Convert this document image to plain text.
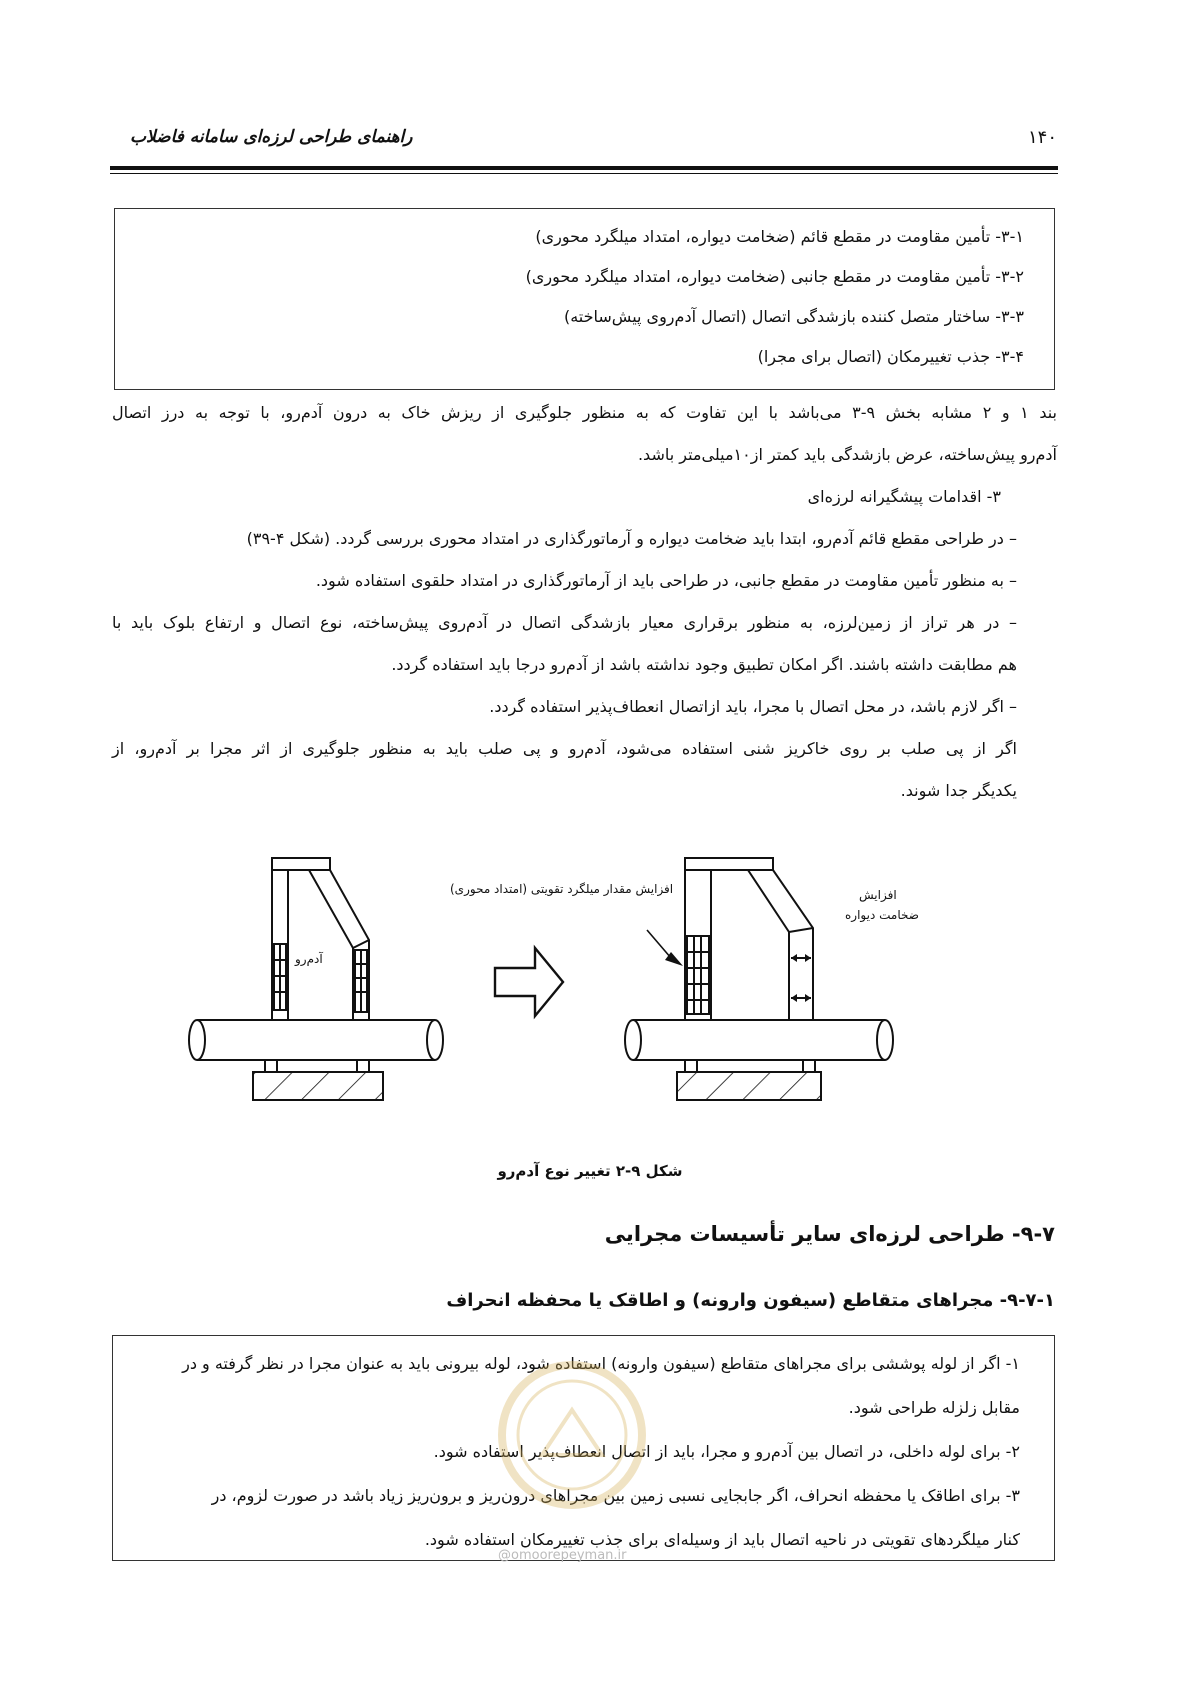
۱۴۰
راهنمای طراحی لرزه‌ای سامانه فاضلاب
۳-۱- تأمین مقاومت در مقطع قائم (ضخامت دیواره، امتداد میلگرد محوری)
۳-۲- تأمین مقاومت در مقطع جانبی (ضخامت دیواره، امتداد میلگرد محوری)
۳-۳- ساختار متصل کننده بازشدگی اتصال (اتصال آدم‌روی پیش‌ساخته)
۳-۴- جذب تغییرمکان (اتصال برای مجرا)
بند ۱ و ۲ مشابه بخش ۹-۳ می‌باشد با این تفاوت که به منظور جلوگیری از ریزش خاک به درون آدم‌رو، با توجه به درز اتصال
آدم‌رو پیش‌ساخته، عرض بازشدگی باید کمتر از۱۰میلی‌متر باشد.
۳- اقدامات پیشگیرانه لرزه‌ای
– در طراحی مقطع قائم آدم‌رو، ابتدا باید ضخامت دیواره و آرماتورگذاری در امتداد محوری بررسی گردد. (شکل ۴-۳۹)
– به منظور تأمین مقاومت در مقطع جانبی، در طراحی باید از آرماتورگذاری در امتداد حلقوی استفاده شود.
– در هر تراز از زمین‌لرزه، به منظور برقراری معیار بازشدگی اتصال در آدم‌روی پیش‌ساخته، نوع اتصال و ارتفاع بلوک باید با
هم مطابقت داشته باشند. اگر امکان تطبیق وجود نداشته باشد از آدم‌رو درجا باید استفاده گردد.
– اگر لازم باشد، در محل اتصال با مجرا، باید ازاتصال انعطاف‌پذیر استفاده گردد.
اگر از پی صلب بر روی خاکریز شنی استفاده می‌شود، آدم‌رو و پی صلب باید به منظور جلوگیری از اثر مجرا بر آدم‌رو، از
یکدیگر جدا شوند.
آدم‌رو
افزایش مقدار میلگرد تقویتی (امتداد محوری)	افزایش
ضخامت دیواره
شکل ۹-۲ تغییر نوع آدم‌رو
۹-۷- طراحی لرزه‌ای سایر تأسیسات مجرایی
۹-۷-۱- مجراهای متقاطع (سیفون وارونه) و اطاقک یا محفظه انحراف
۱- اگر از لوله پوششی برای مجراهای متقاطع (سیفون وارونه) استفاده شود، لوله بیرونی باید به عنوان مجرا در نظر گرفته و در
مقابل زلزله طراحی شود.
۲- برای لوله داخلی، در اتصال بین آدم‌رو و مجرا، باید از اتصال انعطاف‌پذیر استفاده شود.
۳- برای اطاقک یا محفظه انحراف، اگر جابجایی نسبی زمین بین مجراهای درون‌ریز و برون‌ریز زیاد باشد در صورت لزوم، در
کنار میلگردهای تقویتی در ناحیه اتصال باید از وسیله‌ای برای جذب تغییرمکان استفاده شود.
@omoorepeyman.ir
